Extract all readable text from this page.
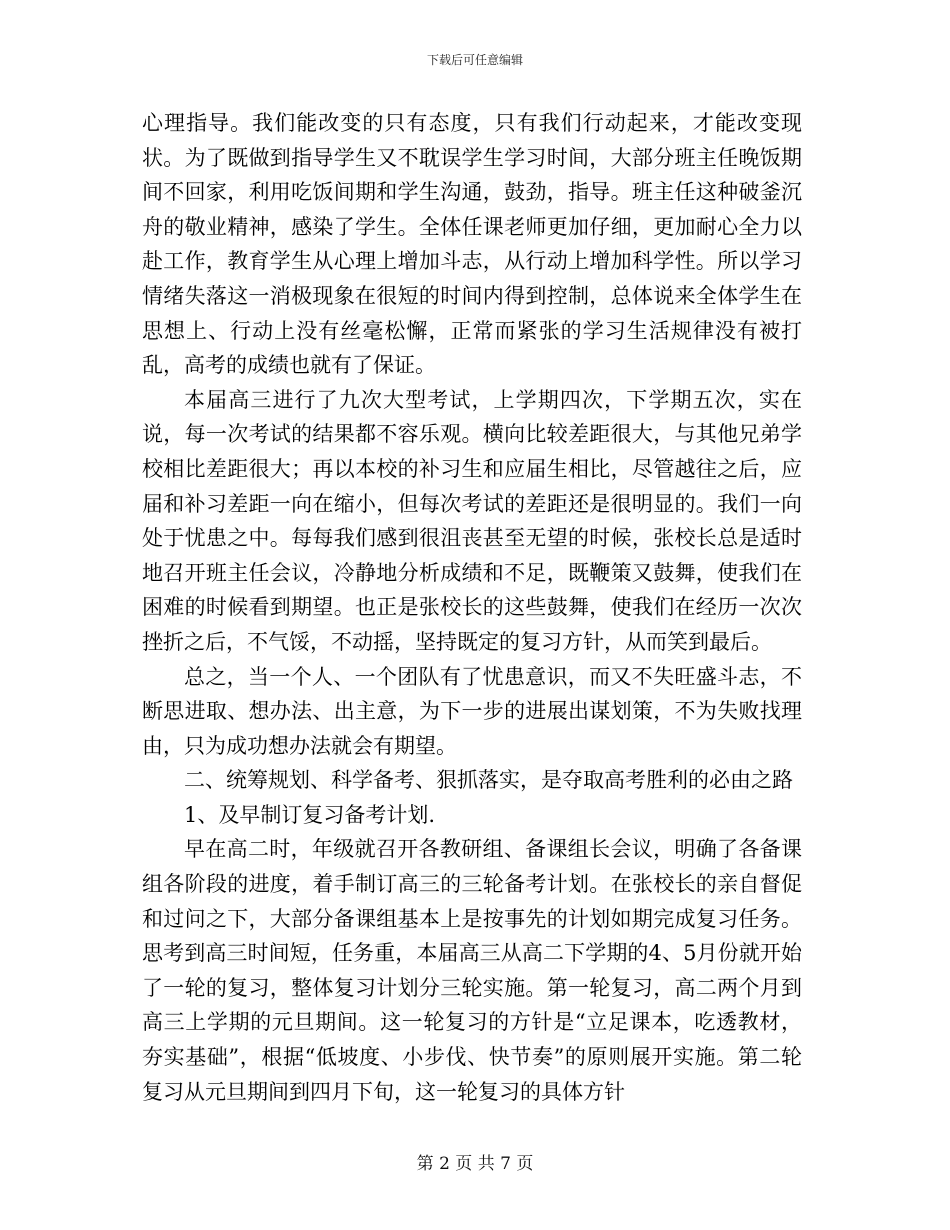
下载后可任意编辑

心理指导。我们能改变的只有态度，只有我们行动起来，才能改变现状。为了既做到指导学生又不耽误学生学习时间，大部分班主任晚饭期间不回家，利用吃饭间期和学生沟通，鼓劲，指导。班主任这种破釜沉舟的敬业精神，感染了学生。全体任课老师更加仔细，更加耐心全力以赴工作，教育学生从心理上增加斗志，从行动上增加科学性。所以学习情绪失落这一消极现象在很短的时间内得到控制，总体说来全体学生在思想上、行动上没有丝毫松懈，正常而紧张的学习生活规律没有被打乱，高考的成绩也就有了保证。

本届高三进行了九次大型考试，上学期四次，下学期五次，实在说，每一次考试的结果都不容乐观。横向比较差距很大，与其他兄弟学校相比差距很大；再以本校的补习生和应届生相比，尽管越往之后，应届和补习差距一向在缩小，但每次考试的差距还是很明显的。我们一向处于忧患之中。每每我们感到很沮丧甚至无望的时候，张校长总是适时地召开班主任会议，冷静地分析成绩和不足，既鞭策又鼓舞，使我们在困难的时候看到期望。也正是张校长的这些鼓舞，使我们在经历一次次挫折之后，不气馁，不动摇，坚持既定的复习方针，从而笑到最后。

总之，当一个人、一个团队有了忧患意识，而又不失旺盛斗志，不断思进取、想办法、出主意，为下一步的进展出谋划策，不为失败找理由，只为成功想办法就会有期望。

二、统筹规划、科学备考、狠抓落实，是夺取高考胜利的必由之路

1、及早制订复习备考计划.

早在高二时，年级就召开各教研组、备课组长会议，明确了各备课组各阶段的进度，着手制订高三的三轮备考计划。在张校长的亲自督促和过问之下，大部分备课组基本上是按事先的计划如期完成复习任务。思考到高三时间短，任务重，本届高三从高二下学期的4、5月份就开始了一轮的复习，整体复习计划分三轮实施。第一轮复习，高二两个月到高三上学期的元旦期间。这一轮复习的方针是“立足课本，吃透教材，夯实基础”，根据“低坡度、小步伐、快节奏”的原则展开实施。第二轮复习从元旦期间到四月下旬，这一轮复习的具体方针

第 2 页 共 7 页
